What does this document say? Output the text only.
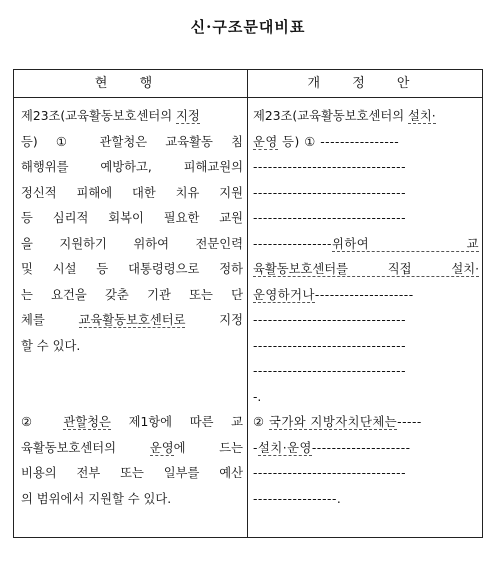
신·구조문대비표
현 행	개 정 안
제23조(교육활동보호센터의 지정
등) ① 관할청은 교육활동 침
해행위를 예방하고, 피해교원의
정신적 피해에 대한 치유 지원
등 심리적 회복이 필요한 교원
을 지원하기 위하여 전문인력
및 시설 등 대통령령으로 정하
는 요건을 갖춘 기관 또는 단
체를 교육활동보호센터로 지정
할 수 있다.
② 관할청은 제1항에 따른 교
육활동보호센터의 운영에 드는
비용의 전부 또는 일부를 예산
의 범위에서 지원할 수 있다.
제23조(교육활동보호센터의 설치·
운영 등) ① ----------------
-------------------------------
-------------------------------
-------------------------------
----------------위하여 교
육활동보호센터를 직접 설치·
운영하거나--------------------
-------------------------------
-------------------------------
-------------------------------
-.
② 국가와 지방자치단체는-----
-설치·운영--------------------
-------------------------------
-----------------.
